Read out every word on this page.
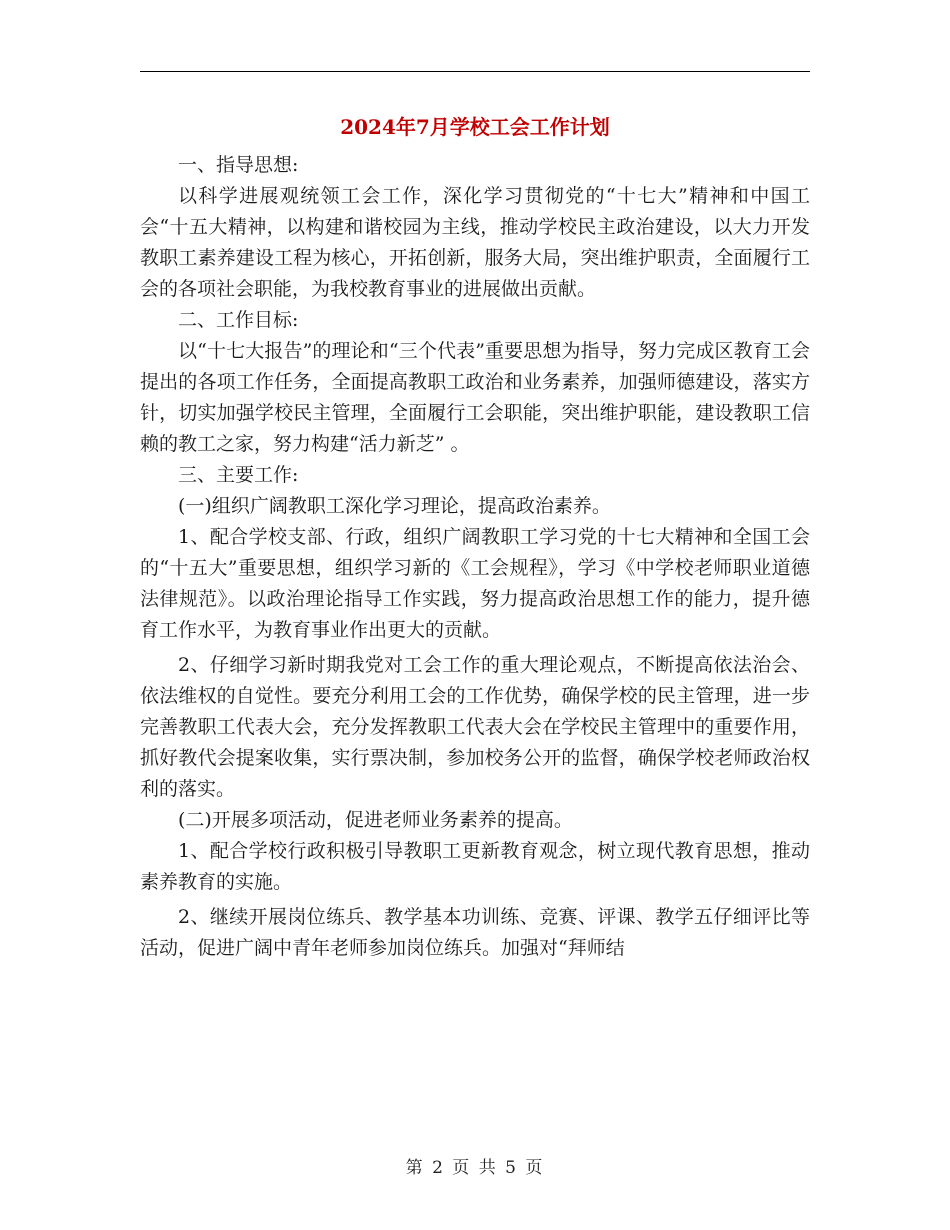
2024年7月学校工会工作计划

一、指导思想:

以科学进展观统领工会工作，深化学习贯彻党的“十七大”精神和中国工会“十五大精神，以构建和谐校园为主线，推动学校民主政治建设，以大力开发教职工素养建设工程为核心，开拓创新，服务大局，突出维护职责，全面履行工会的各项社会职能，为我校教育事业的进展做出贡献。

二、工作目标:

以“十七大报告”的理论和“三个代表”重要思想为指导，努力完成区教育工会提出的各项工作任务，全面提高教职工政治和业务素养，加强师德建设，落实方针，切实加强学校民主管理，全面履行工会职能，突出维护职能，建设教职工信赖的教工之家，努力构建“活力新芝” 。

三、主要工作:

(一)组织广阔教职工深化学习理论，提高政治素养。

1、配合学校支部、行政，组织广阔教职工学习党的十七大精神和全国工会的“十五大”重要思想，组织学习新的《工会规程》，学习《中学校老师职业道德法律规范》。以政治理论指导工作实践，努力提高政治思想工作的能力，提升德育工作水平，为教育事业作出更大的贡献。

2、仔细学习新时期我党对工会工作的重大理论观点，不断提高依法治会、依法维权的自觉性。要充分利用工会的工作优势，确保学校的民主管理，进一步完善教职工代表大会，充分发挥教职工代表大会在学校民主管理中的重要作用，抓好教代会提案收集，实行票决制，参加校务公开的监督，确保学校老师政治权利的落实。

(二)开展多项活动，促进老师业务素养的提高。

1、配合学校行政积极引导教职工更新教育观念，树立现代教育思想，推动素养教育的实施。

2、继续开展岗位练兵、教学基本功训练、竞赛、评课、教学五仔细评比等活动，促进广阔中青年老师参加岗位练兵。加强对“拜师结

第 2 页 共 5 页
